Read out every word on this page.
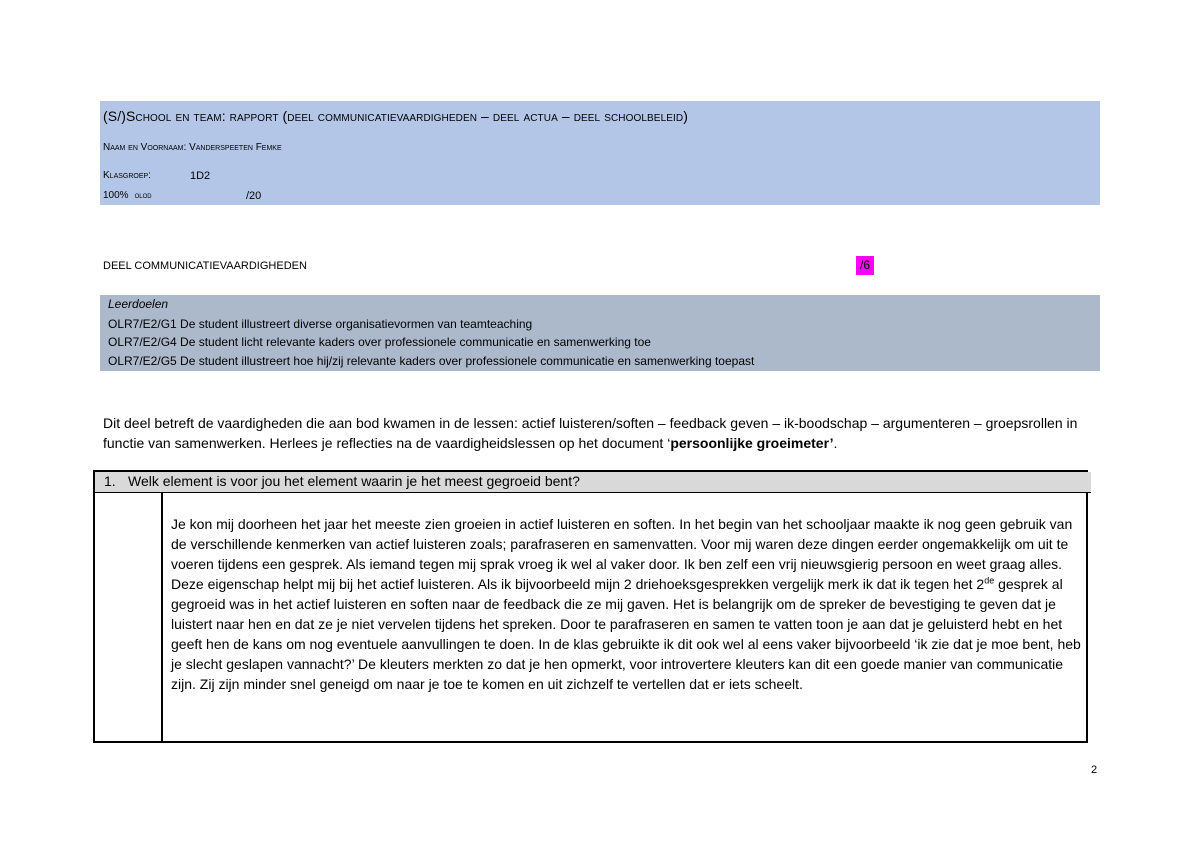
(S/)School en team: rapport (deel communicatievaardigheden – deel actua – deel schoolbeleid)
Naam en Voornaam: Vanderspeeten Femke
Klasgroep:	1D2
100% olod	/20
DEEL COMMUNICATIEVAARDIGHEDEN	/6
Leerdoelen
OLR7/E2/G1 De student illustreert diverse organisatievormen van teamteaching
OLR7/E2/G4 De student licht relevante kaders over professionele communicatie en samenwerking toe
OLR7/E2/G5 De student illustreert hoe hij/zij relevante kaders over professionele communicatie en samenwerking toepast
Dit deel betreft de vaardigheden die aan bod kwamen in de lessen: actief luisteren/soften – feedback geven – ik-boodschap – argumenteren – groepsrollen in functie van samenwerken. Herlees je reflecties na de vaardigheidslessen op het document ‘persoonlijke groeimeter’.
1. Welk element is voor jou het element waarin je het meest gegroeid bent?
Je kon mij doorheen het jaar het meeste zien groeien in actief luisteren en soften. In het begin van het schooljaar maakte ik nog geen gebruik van de verschillende kenmerken van actief luisteren zoals; parafraseren en samenvatten. Voor mij waren deze dingen eerder ongemakkelijk om uit te voeren tijdens een gesprek. Als iemand tegen mij sprak vroeg ik wel al vaker door. Ik ben zelf een vrij nieuwsgierig persoon en weet graag alles. Deze eigenschap helpt mij bij het actief luisteren. Als ik bijvoorbeeld mijn 2 driehoeksgesprekken vergelijk merk ik dat ik tegen het 2de gesprek al gegroeid was in het actief luisteren en soften naar de feedback die ze mij gaven. Het is belangrijk om de spreker de bevestiging te geven dat je luistert naar hen en dat ze je niet vervelen tijdens het spreken. Door te parafraseren en samen te vatten toon je aan dat je geluisterd hebt en het geeft hen de kans om nog eventuele aanvullingen te doen. In de klas gebruikte ik dit ook wel al eens vaker bijvoorbeeld ‘ik zie dat je moe bent, heb je slecht geslapen vannacht?’ De kleuters merkten zo dat je hen opmerkt, voor introvertere kleuters kan dit een goede manier van communicatie zijn. Zij zijn minder snel geneigd om naar je toe te komen en uit zichzelf te vertellen dat er iets scheelt.
2
